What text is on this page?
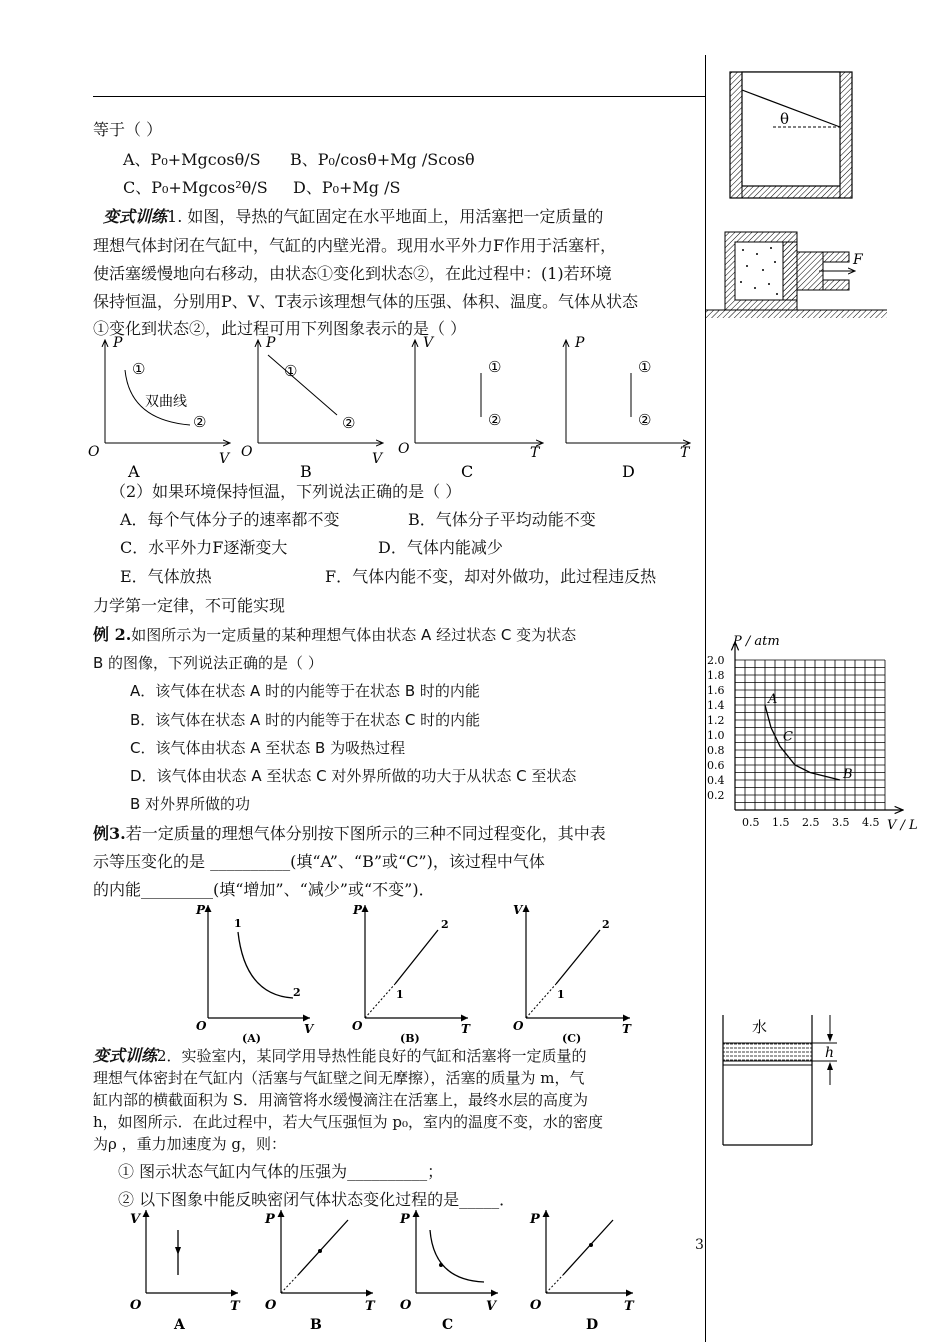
等于（ ）
A、P₀+Mgcosθ/S B、P₀/cosθ+Mg /Scosθ
C、P₀+Mgcos²θ/S D、P₀+Mg /S
变式训练1. 如图，导热的气缸固定在水平地面上，用活塞把一定质量的
理想气体封闭在气缸中，气缸的内壁光滑。现用水平外力F作用于活塞杆，
使活塞缓慢地向右移动，由状态①变化到状态②，在此过程中：(1)若环境
保持恒温，分别用P、V、T表示该理想气体的压强、体积、温度。气体从状态
①变化到状态②，此过程可用下列图象表示的是（ ）
P
V
O
①
②
双曲线
A
P
V
O
①
②
B
V
T
O
①
②
C
P
T
①
②
D
（2）如果环境保持恒温，下列说法正确的是（ ）
A．每个气体分子的速率都不变	B．气体分子平均动能不变
C．水平外力F逐渐变大	D．气体内能减少
E．气体放热	F．气体内能不变，却对外做功，此过程违反热
力学第一定律，不可能实现
例 2.如图所示为一定质量的某种理想气体由状态 A 经过状态 C 变为状态
B 的图像，下列说法正确的是（ ）
A．该气体在状态 A 时的内能等于在状态 B 时的内能
B．该气体在状态 A 时的内能等于在状态 C 时的内能
C．该气体由状态 A 至状态 B 为吸热过程
D．该气体由状态 A 至状态 C 对外界所做的功大于从状态 C 至状态
B 对外界所做的功
例3.若一定质量的理想气体分别按下图所示的三种不同过程变化，其中表
示等压变化的是 __________(填“A”、“B”或“C”)，该过程中气体
的内能_________(填“增加”、“减少”或“不变”)．
P
V
O
1
2
(A)
P
T
O
1
2
(B)
V
T
O
1
2
(C)
变式训练2．实验室内，某同学用导热性能良好的气缸和活塞将一定质量的
理想气体密封在气缸内（活塞与气缸壁之间无摩擦），活塞的质量为 m，气
缸内部的横截面积为 S．用滴管将水缓慢滴注在活塞上，最终水层的高度为
h，如图所示．在此过程中，若大气压强恒为 p₀，室内的温度不变，水的密度
为ρ ，重力加速度为 g，则：
① 图示状态气缸内气体的压强为__________；
② 以下图象中能反映密闭气体状态变化过程的是_____．
V
T
O
A
P
T
O
B
P
V
O
C
P
T
O
D
3
θ
F
0.2
0.4
0.6
0.8
1.0
1.2
1.4
1.6
1.8
2.0
0.5 1.5 2.5 3.5 4.5
A
C
B
P / atm
V / L
水
h
